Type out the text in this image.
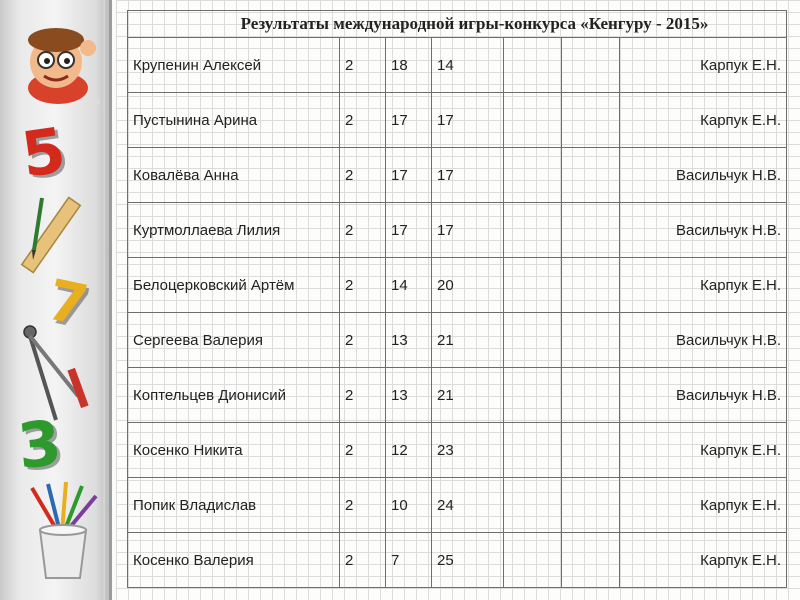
5
7
3
Результаты международной игры-конкурса «Кенгуру - 2015»						
Крупенин Алексей	2	18	14			Карпук Е.Н.
Пустынина Арина	2	17	17			Карпук Е.Н.
Ковалёва Анна	2	17	17			Васильчук Н.В.
Куртмоллаева Лилия	2	17	17			Васильчук Н.В.
Белоцерковский Артём	2	14	20			Карпук Е.Н.
Сергеева Валерия	2	13	21			Васильчук Н.В.
Коптельцев Дионисий	2	13	21			Васильчук Н.В.
Косенко Никита	2	12	23			Карпук Е.Н.
Попик Владислав	2	10	24			Карпук Е.Н.
Косенко Валерия	2	7	25			Карпук Е.Н.
